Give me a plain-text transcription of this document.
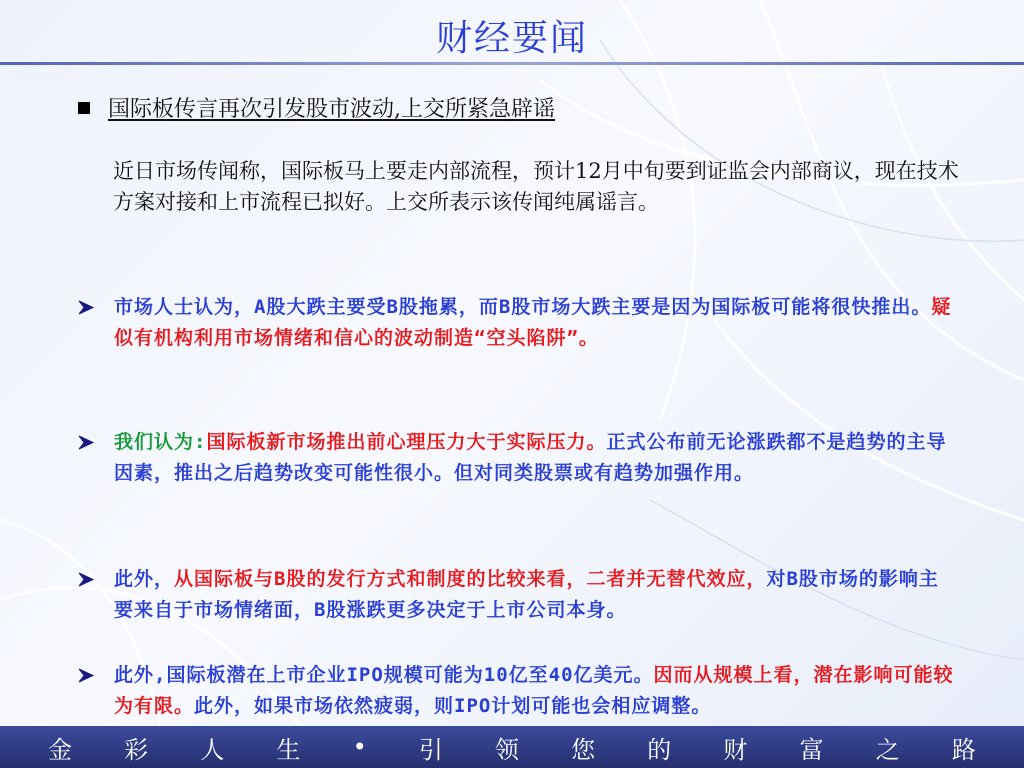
财经要闻
国际板传言再次引发股市波动,上交所紧急辟谣
近日市场传闻称，国际板马上要走内部流程，预计12月中旬要到证监会内部商议，现在技术方案对接和上市流程已拟好。上交所表示该传闻纯属谣言。
市场人士认为，A股大跌主要受B股拖累，而B股市场大跌主要是因为国际板可能将很快推出。疑似有机构利用市场情绪和信心的波动制造“空头陷阱”。
我们认为:国际板新市场推出前心理压力大于实际压力。正式公布前无论涨跌都不是趋势的主导因素，推出之后趋势改变可能性很小。但对同类股票或有趋势加强作用。
此外，从国际板与B股的发行方式和制度的比较来看，二者并无替代效应，对B股市场的影响主要来自于市场情绪面，B股涨跌更多决定于上市公司本身。
此外,国际板潜在上市企业IPO规模可能为10亿至40亿美元。因而从规模上看，潜在影响可能较为有限。此外，如果市场依然疲弱，则IPO计划可能也会相应调整。
金 彩 人 生 • 引 领 您 的 财 富 之 路
